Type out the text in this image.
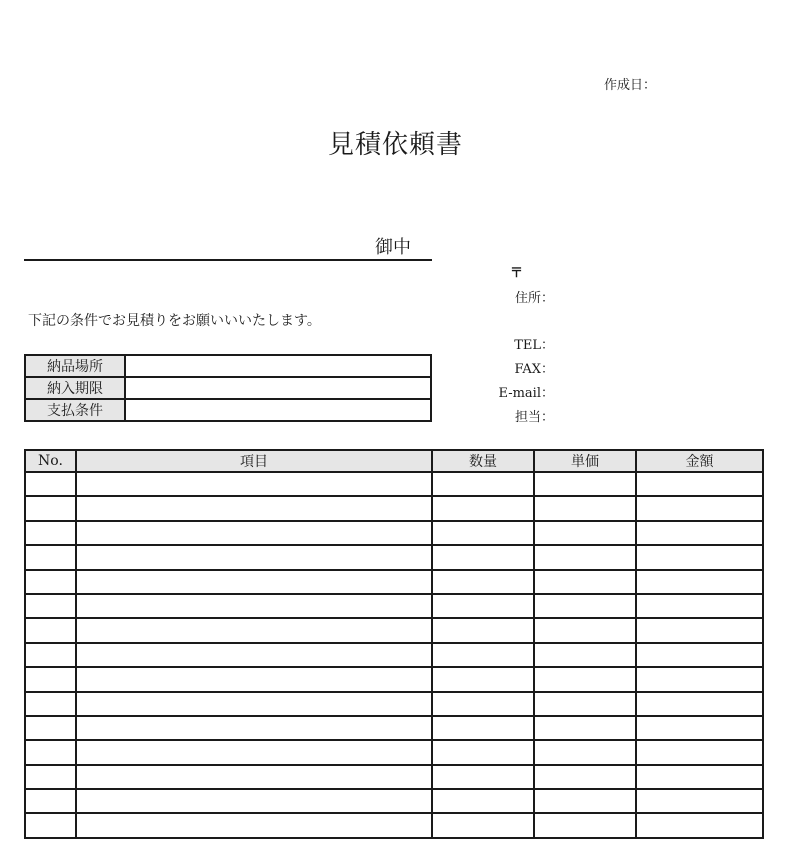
作成日：
見積依頼書
御中
下記の条件でお見積りをお願いいいたします。
納品場所	
納入期限	
支払条件	
〒
住所：
TEL：
FAX：
E-mail：
担当：
No.	項目	数量	単価	金額
